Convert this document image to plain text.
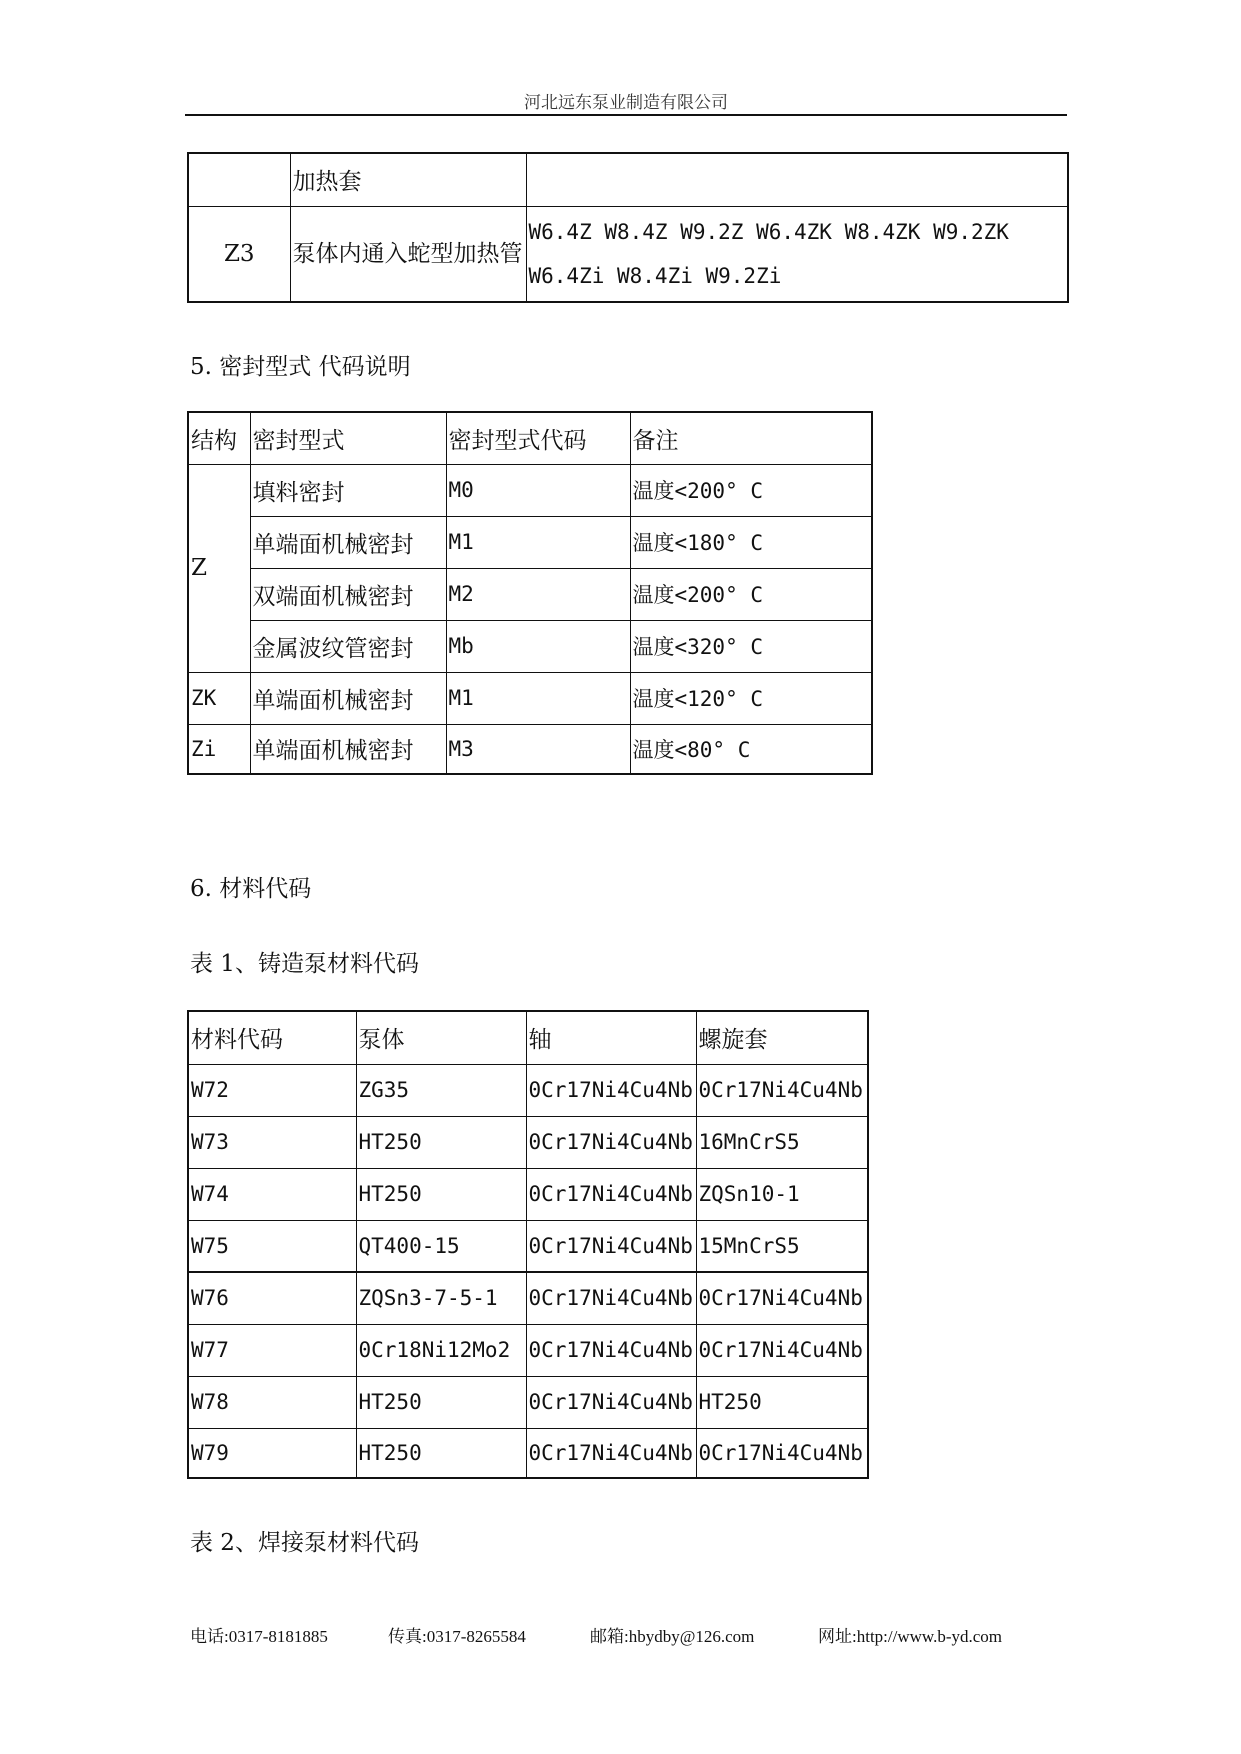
河北远东泵业制造有限公司
	加热套	
Z3	泵体内通入蛇型加热管	W6.4Z W8.4Z W9.2Z W6.4ZK W8.4ZK W9.2ZK W6.4Zi W8.4Zi W9.2Zi
5. 密封型式 代码说明
结构	密封型式	密封型式代码	备注
Z	填料密封	M0	温度<200° C
	单端面机械密封	M1	温度<180° C
	双端面机械密封	M2	温度<200° C
	金属波纹管密封	Mb	温度<320° C
ZK	单端面机械密封	M1	温度<120° C
Zi	单端面机械密封	M3	温度<80° C
6. 材料代码
表 1、铸造泵材料代码
材料代码	泵体	轴	螺旋套
W72	ZG35	0Cr17Ni4Cu4Nb	0Cr17Ni4Cu4Nb
W73	HT250	0Cr17Ni4Cu4Nb	16MnCrS5
W74	HT250	0Cr17Ni4Cu4Nb	ZQSn10-1
W75	QT400-15	0Cr17Ni4Cu4Nb	15MnCrS5
W76	ZQSn3-7-5-1	0Cr17Ni4Cu4Nb	0Cr17Ni4Cu4Nb
W77	0Cr18Ni12Mo2	0Cr17Ni4Cu4Nb	0Cr17Ni4Cu4Nb
W78	HT250	0Cr17Ni4Cu4Nb	HT250
W79	HT250	0Cr17Ni4Cu4Nb	0Cr17Ni4Cu4Nb
表 2、焊接泵材料代码
电话:0317-8181885	传真:0317-8265584	邮箱:hbydby@126.com	网址:http://www.b-yd.com
